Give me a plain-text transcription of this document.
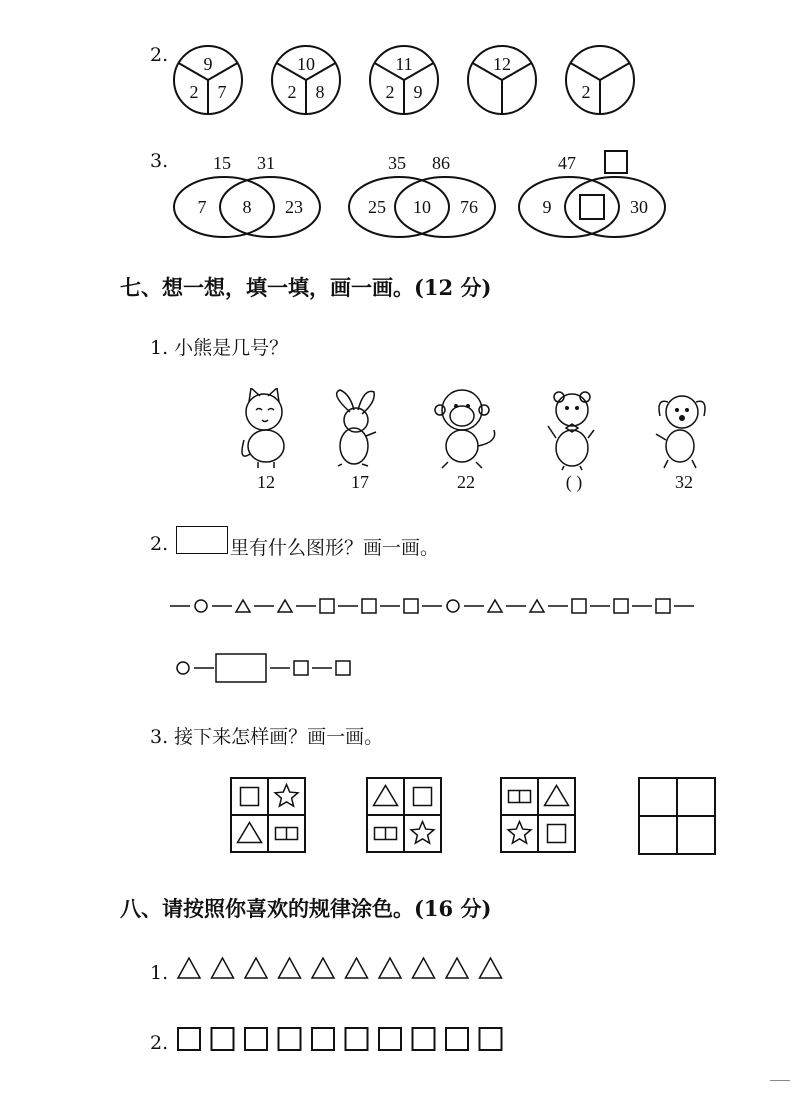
2. 9
2 7
10
2 8
11
2 9
12
2
3. 15 31
7 8 23
35 86
25 10 76
47
9	30
七、想一想，填一填，画一画。(12 分)
1. 小熊是几号？
12	17	22	( )	32
2.	里有什么图形？画一画。
3. 接下来怎样画？画一画。
八、请按照你喜欢的规律涂色。(16 分)
1.
2.
